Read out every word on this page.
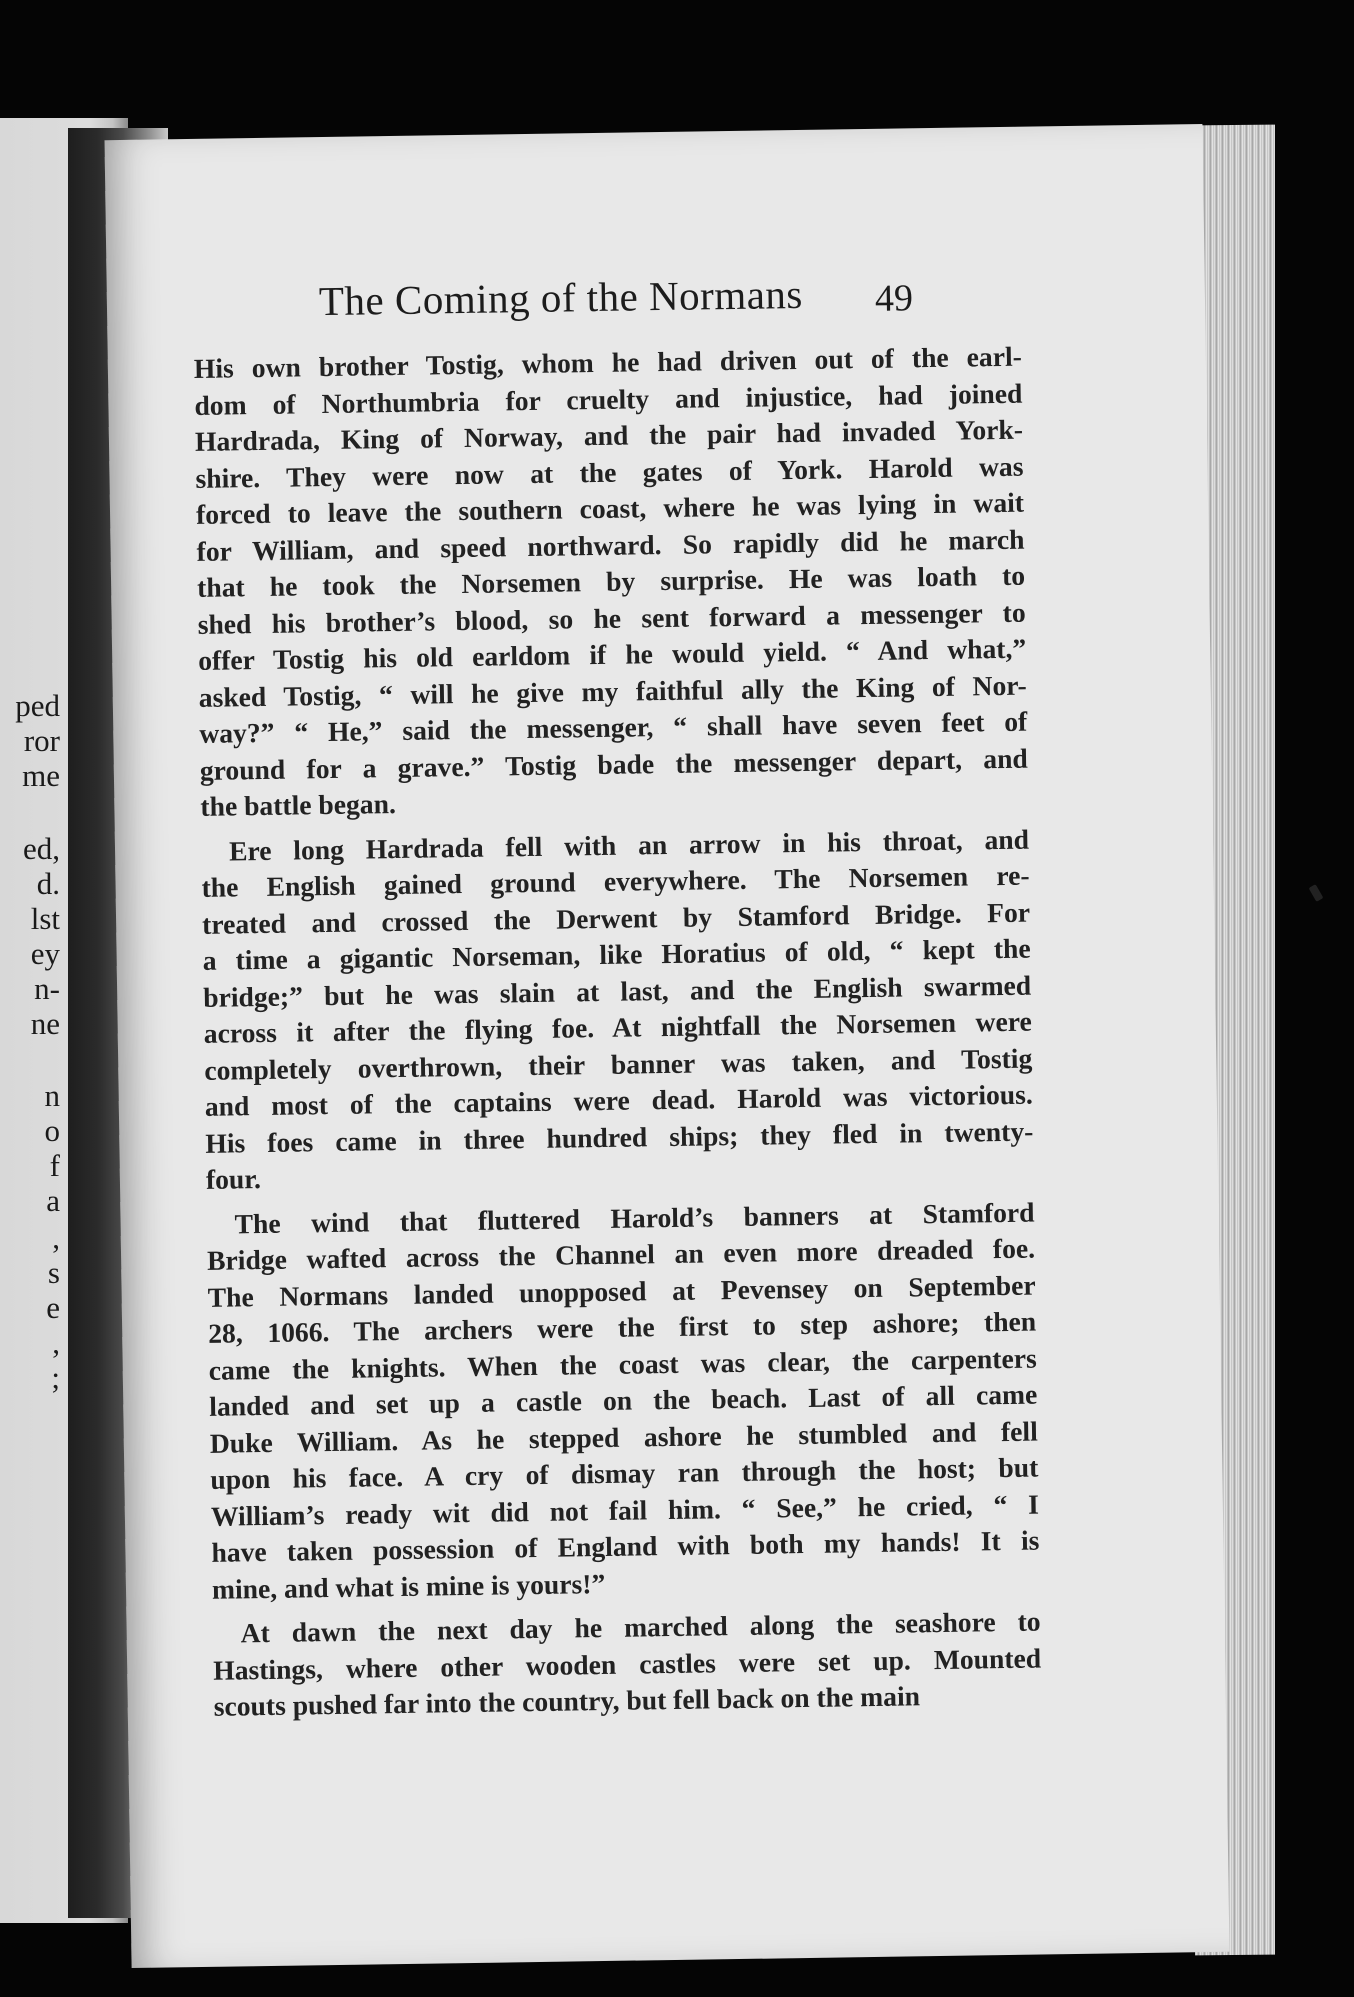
ped
ror
me
ed,
d.
lst
ey
n-
ne
n
o
f
a
,
s
e
,
;
The Coming of the Normans 49
His own brother Tostig, whom he had driven out of the earl-
dom of Northumbria for cruelty and injustice, had joined
Hardrada, King of Norway, and the pair had invaded York-
shire. They were now at the gates of York. Harold was
forced to leave the southern coast, where he was lying in wait
for William, and speed northward. So rapidly did he march
that he took the Norsemen by surprise. He was loath to
shed his brother’s blood, so he sent forward a messenger to
offer Tostig his old earldom if he would yield. “ And what,”
asked Tostig, “ will he give my faithful ally the King of Nor-
way?” “ He,” said the messenger, “ shall have seven feet of
ground for a grave.” Tostig bade the messenger depart, and
the battle began.
Ere long Hardrada fell with an arrow in his throat, and
the English gained ground everywhere. The Norsemen re-
treated and crossed the Derwent by Stamford Bridge. For
a time a gigantic Norseman, like Horatius of old, “ kept the
bridge;” but he was slain at last, and the English swarmed
across it after the flying foe. At nightfall the Norsemen were
completely overthrown, their banner was taken, and Tostig
and most of the captains were dead. Harold was victorious.
His foes came in three hundred ships; they fled in twenty-
four.
The wind that fluttered Harold’s banners at Stamford
Bridge wafted across the Channel an even more dreaded foe.
The Normans landed unopposed at Pevensey on September
28, 1066. The archers were the first to step ashore; then
came the knights. When the coast was clear, the carpenters
landed and set up a castle on the beach. Last of all came
Duke William. As he stepped ashore he stumbled and fell
upon his face. A cry of dismay ran through the host; but
William’s ready wit did not fail him. “ See,” he cried, “ I
have taken possession of England with both my hands! It is
mine, and what is mine is yours!”
At dawn the next day he marched along the seashore to
Hastings, where other wooden castles were set up. Mounted
scouts pushed far into the country, but fell back on the main
